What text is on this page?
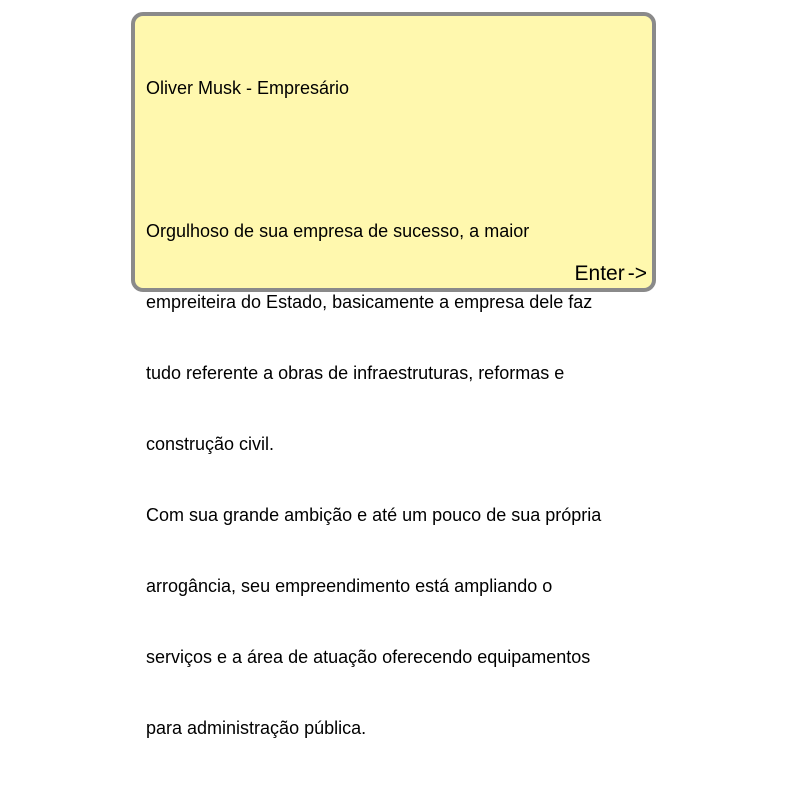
Oliver Musk - Empresário

Orgulhoso de sua empresa de sucesso, a maior

empreiteira do Estado, basicamente a empresa dele faz

tudo referente a obras de infraestruturas, reformas e

construção civil.

Com sua grande ambição e até um pouco de sua própria

arrogância, seu empreendimento está ampliando o

serviços e a área de atuação oferecendo equipamentos

para administração pública.

Enter ->
